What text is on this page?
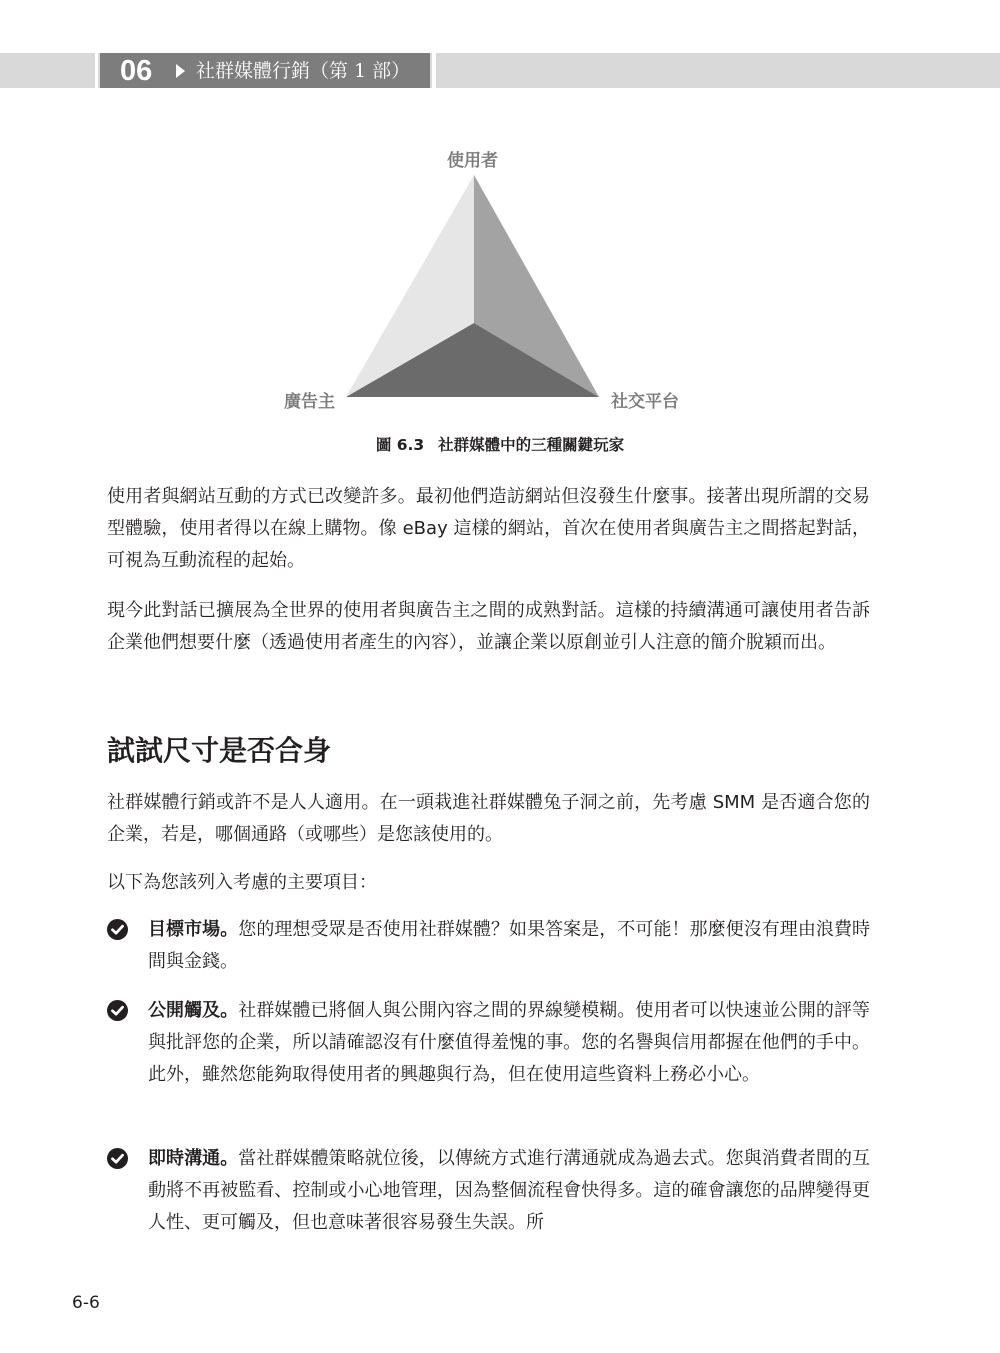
06 社群媒體行銷（第 1 部）
使用者
廣告主	社交平台
圖 6.3 社群媒體中的三種關鍵玩家

使用者與網站互動的方式已改變許多。最初他們造訪網站但沒發生什麼事。接著出現所謂的交易型體驗，使用者得以在線上購物。像 eBay 這樣的網站，首次在使用者與廣告主之間搭起對話，可視為互動流程的起始。

現今此對話已擴展為全世界的使用者與廣告主之間的成熟對話。這樣的持續溝通可讓使用者告訴企業他們想要什麼（透過使用者產生的內容），並讓企業以原創並引人注意的簡介脫穎而出。

試試尺寸是否合身

社群媒體行銷或許不是人人適用。在一頭栽進社群媒體兔子洞之前，先考慮 SMM 是否適合您的企業，若是，哪個通路（或哪些）是您該使用的。

以下為您該列入考慮的主要項目：

目標市場。您的理想受眾是否使用社群媒體？如果答案是，不可能！那麼便沒有理由浪費時間與金錢。

公開觸及。社群媒體已將個人與公開內容之間的界線變模糊。使用者可以快速並公開的評等與批評您的企業，所以請確認沒有什麼值得羞愧的事。您的名譽與信用都握在他們的手中。此外，雖然您能夠取得使用者的興趣與行為，但在使用這些資料上務必小心。

即時溝通。當社群媒體策略就位後，以傳統方式進行溝通就成為過去式。您與消費者間的互動將不再被監看、控制或小心地管理，因為整個流程會快得多。這的確會讓您的品牌變得更人性、更可觸及，但也意味著很容易發生失誤。所

6-6
